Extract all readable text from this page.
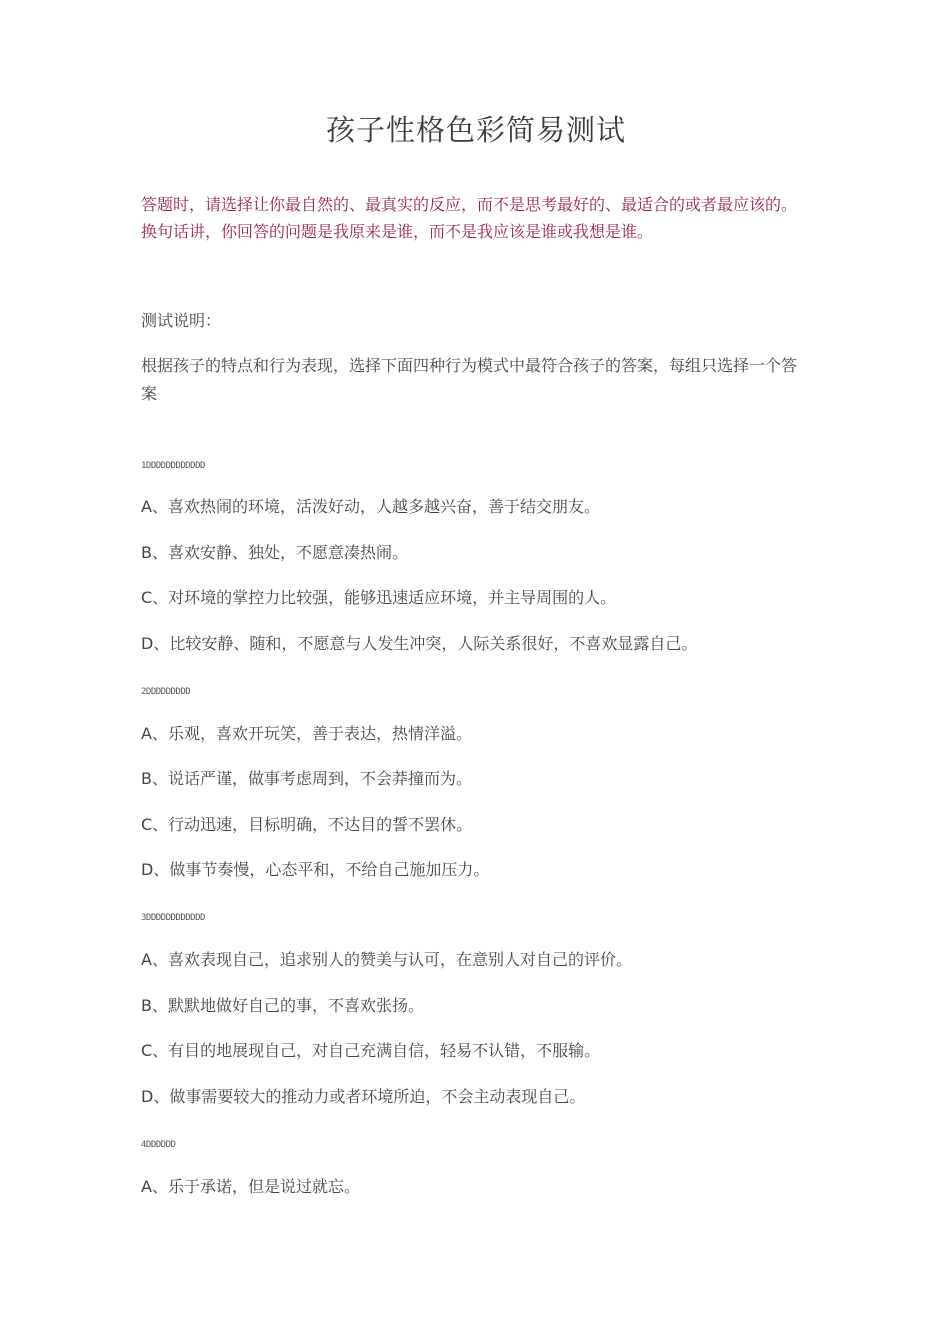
孩子性格色彩简易测试

答题时，请选择让你最自然的、最真实的反应，而不是思考最好的、最适合的或者最应该的。换句话讲，你回答的问题是我原来是谁，而不是我应该是谁或我想是谁。

测试说明：

根据孩子的特点和行为表现，选择下面四种行为模式中最符合孩子的答案，每组只选择一个答案

1DDDDDDDDDDDD
A、喜欢热闹的环境，活泼好动，人越多越兴奋，善于结交朋友。
B、喜欢安静、独处，不愿意凑热闹。
C、对环境的掌控力比较强，能够迅速适应环境，并主导周围的人。
D、比较安静、随和，不愿意与人发生冲突，人际关系很好，不喜欢显露自己。
2DDDDDDDDD
A、乐观，喜欢开玩笑，善于表达，热情洋溢。
B、说话严谨，做事考虑周到，不会莽撞而为。
C、行动迅速，目标明确，不达目的誓不罢休。
D、做事节奏慢，心态平和，不给自己施加压力。
3DDDDDDDDDDDD
A、喜欢表现自己，追求别人的赞美与认可，在意别人对自己的评价。
B、默默地做好自己的事，不喜欢张扬。
C、有目的地展现自己，对自己充满自信，轻易不认错，不服输。
D、做事需要较大的推动力或者环境所迫，不会主动表现自己。
4DDDDDD
A、乐于承诺，但是说过就忘。
